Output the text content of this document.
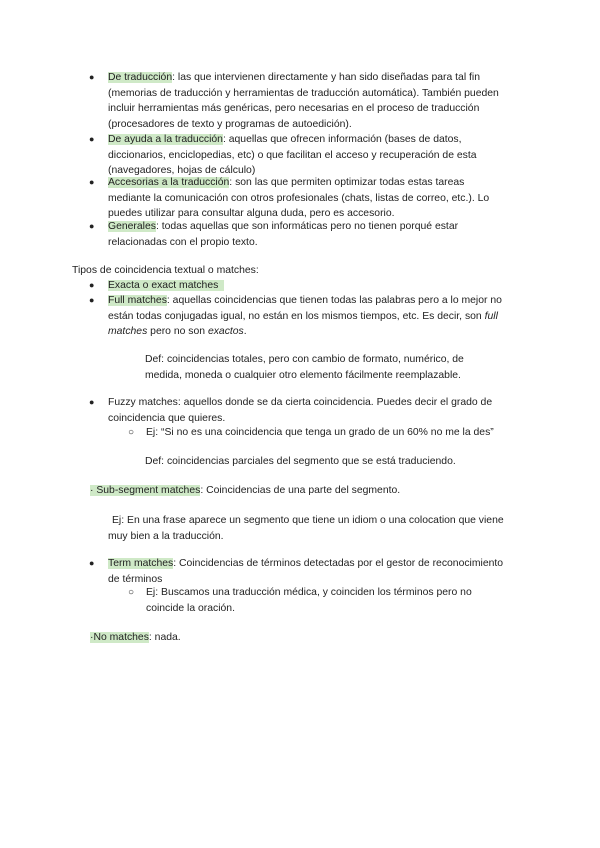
● De traducción: las que intervienen directamente y han sido diseñadas para tal fin (memorias de traducción y herramientas de traducción automática). También pueden incluir herramientas más genéricas, pero necesarias en el proceso de traducción (procesadores de texto y programas de autoedición).
● De ayuda a la traducción: aquellas que ofrecen información (bases de datos, diccionarios, enciclopedias, etc) o que facilitan el acceso y recuperación de esta (navegadores, hojas de cálculo)
● Accesorias a la traducción: son las que permiten optimizar todas estas tareas mediante la comunicación con otros profesionales (chats, listas de correo, etc.). Lo puedes utilizar para consultar alguna duda, pero es accesorio.
● Generales: todas aquellas que son informáticas pero no tienen porqué estar relacionadas con el propio texto.
Tipos de coincidencia textual o matches:
● Exacta o exact matches
● Full matches: aquellas coincidencias que tienen todas las palabras pero a lo mejor no están todas conjugadas igual, no están en los mismos tiempos, etc. Es decir, son full matches pero no son exactos.
Def: coincidencias totales, pero con cambio de formato, numérico, de medida, moneda o cualquier otro elemento fácilmente reemplazable.
● Fuzzy matches: aquellos donde se da cierta coincidencia. Puedes decir el grado de coincidencia que quieres.
○ Ej: “Si no es una coincidencia que tenga un grado de un 60% no me la des”
Def: coincidencias parciales del segmento que se está traduciendo.
· Sub-segment matches: Coincidencias de una parte del segmento.
Ej: En una frase aparece un segmento que tiene un idiom o una colocation que viene muy bien a la traducción.
● Term matches: Coincidencias de términos detectadas por el gestor de reconocimiento de términos
○ Ej: Buscamos una traducción médica, y coinciden los términos pero no coincide la oración.
·No matches: nada.
